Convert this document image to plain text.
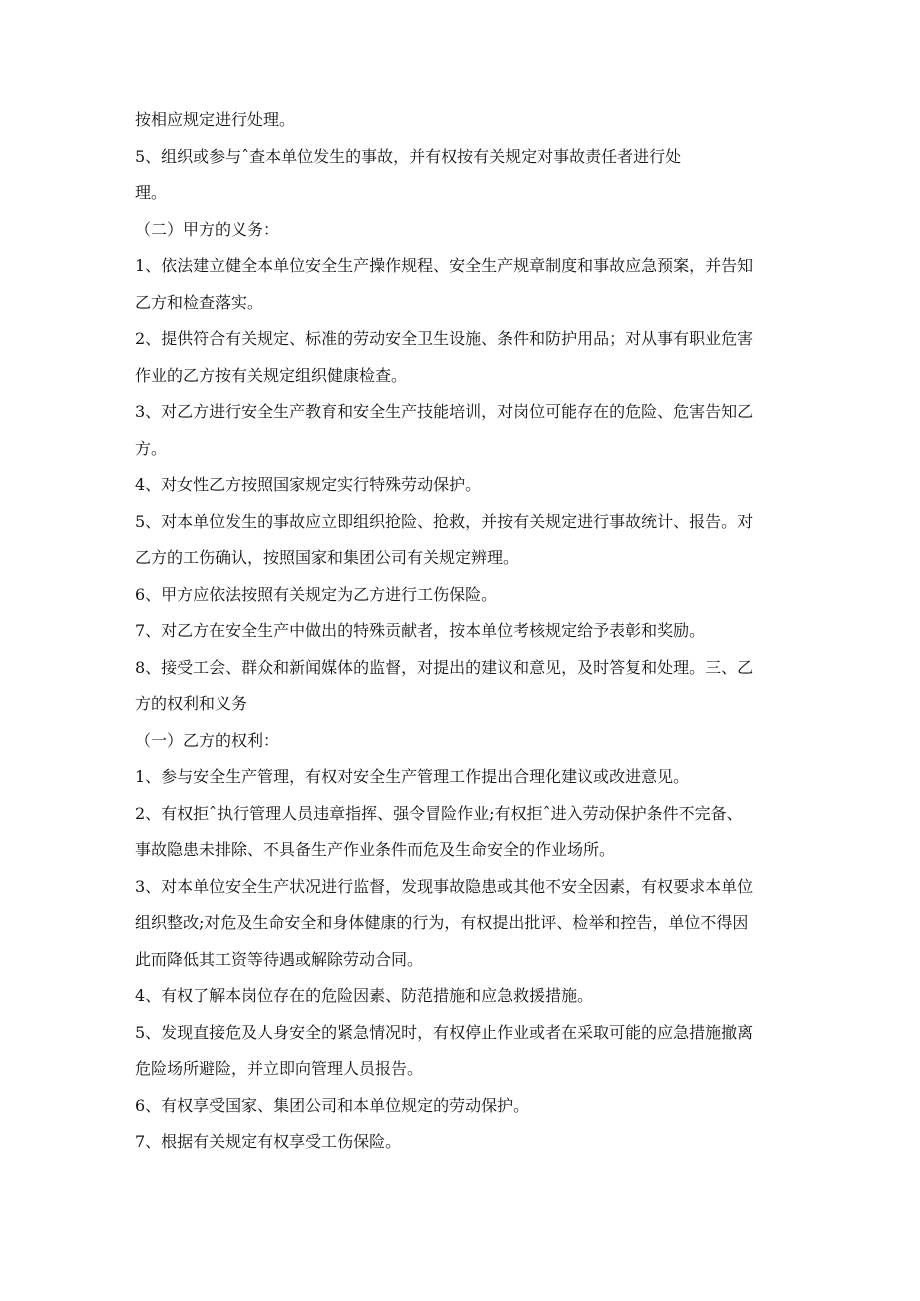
按相应规定进行处理。
5、组织或参与ˆ查本单位发生的事故，并有权按有关规定对事故责任者进行处
理。
（二）甲方的义务：
1、依法建立健全本单位安全生产操作规程、安全生产规章制度和事故应急预案，并告知
乙方和检查落实。
2、提供符合有关规定、标准的劳动安全卫生设施、条件和防护用品；对从事有职业危害
作业的乙方按有关规定组织健康检查。
3、对乙方进行安全生产教育和安全生产技能培训，对岗位可能存在的危险、危害告知乙
方。
4、对女性乙方按照国家规定实行特殊劳动保护。
5、对本单位发生的事故应立即组织抢险、抢救，并按有关规定进行事故统计、报告。对
乙方的工伤确认，按照国家和集团公司有关规定辨理。
6、甲方应依法按照有关规定为乙方进行工伤保险。
7、对乙方在安全生产中做出的特殊贡献者，按本单位考核规定给予表彰和奖励。
8、接受工会、群众和新闻媒体的监督，对提出的建议和意见，及时答复和处理。三、乙
方的权利和义务
（一）乙方的权利：
1、参与安全生产管理，有权对安全生产管理工作提出合理化建议或改进意见。
2、有权拒ˆ执行管理人员违章指挥、强令冒险作业;有权拒ˆ进入劳动保护条件不完备、
事故隐患未排除、不具备生产作业条件而危及生命安全的作业场所。
3、对本单位安全生产状况进行监督，发现事故隐患或其他不安全因素，有权要求本单位
组织整改;对危及生命安全和身体健康的行为，有权提出批评、检举和控告，单位不得因
此而降低其工资等待遇或解除劳动合同。
4、有权了解本岗位存在的危险因素、防范措施和应急救援措施。
5、发现直接危及人身安全的紧急情况时，有权停止作业或者在采取可能的应急措施撤离
危险场所避险，并立即向管理人员报告。
6、有权享受国家、集团公司和本单位规定的劳动保护。
7、根据有关规定有权享受工伤保险。
